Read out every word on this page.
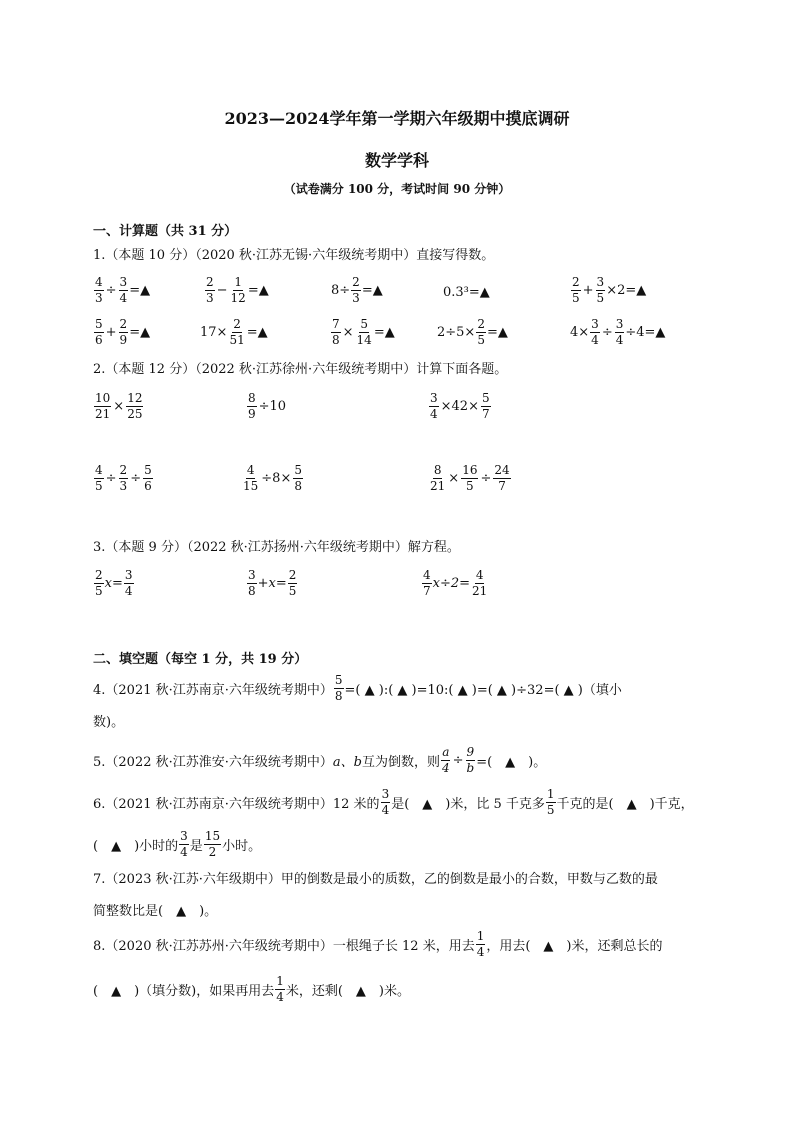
2023—2024学年第一学期六年级期中摸底调研
数学学科
（试卷满分 100 分，考试时间 90 分钟）
一、计算题（共 31 分）
1.（本题 10 分）（2020 秋·江苏无锡·六年级统考期中）直接写得数。
$\frac{4}{3} \div \frac{3}{4}$ =▲	$\frac{2}{3} - \frac{1}{12}$ =▲	$8\div \frac{2}{3}$ =▲	0.3³ =▲	$\frac{2}{5} + \frac{3}{5} \times 2$ =▲
$\frac{5}{6} + \frac{2}{9}$ =▲	$17\times \frac{2}{51}$ =▲	$\frac{7}{8} \times \frac{5}{14}$ =▲	$2\div 5\times \frac{2}{5}$ =▲	$4\times \frac{3}{4} \div \frac{3}{4} \div 4$ =▲
2.（本题 12 分）（2022 秋·江苏徐州·六年级统考期中）计算下面各题。
$\frac{10}{21} \times \frac{12}{25}$	$\frac{8}{9} \div 10$	$\frac{3}{4} \times 42\times \frac{5}{7}$
$\frac{4}{5} \div \frac{2}{3} \div \frac{5}{6}$	$\frac{4}{15} \div 8\times \frac{5}{8}$	$\frac{8}{21} \times \frac{16}{5} \div \frac{24}{7}$
3.（本题 9 分）（2022 秋·江苏扬州·六年级统考期中）解方程。
$\frac{2}{5} x= \frac{3}{4}$	$\frac{3}{8} +x= \frac{2}{5}$	$\frac{4}{7} x\div 2= \frac{4}{21}$
二、填空题（每空 1 分，共 19 分）
4.（2021 秋·江苏南京·六年级统考期中） $\frac{5}{8}$ =( ▲ ):( ▲ )=10:( ▲ )=( ▲ )÷32=( ▲ )（填小
数)。
5.（2022 秋·江苏淮安·六年级统考期中） a、b 互为倒数，则 $\frac{a}{4} \div \frac{9}{b}$ =(　▲　)。
6.（2021 秋·江苏南京·六年级统考期中）12 米的 $\frac{3}{4}$ 是(　▲　)米，比 5 千克多 $\frac{1}{5}$ 千克的是(　▲　)千克，
(　▲　)小时的 $\frac{3}{4}$ 是 $\frac{15}{2}$ 小时。
7.（2023 秋·江苏·六年级期中）甲的倒数是最小的质数，乙的倒数是最小的合数，甲数与乙数的最
简整数比是(　▲　)。
8.（2020 秋·江苏苏州·六年级统考期中）一根绳子长 12 米，用去 $\frac{1}{4}$ ，用去(　▲　)米，还剩总长的
(　▲　)（填分数)，如果再用去 $\frac{1}{4}$ 米，还剩(　▲　)米。
